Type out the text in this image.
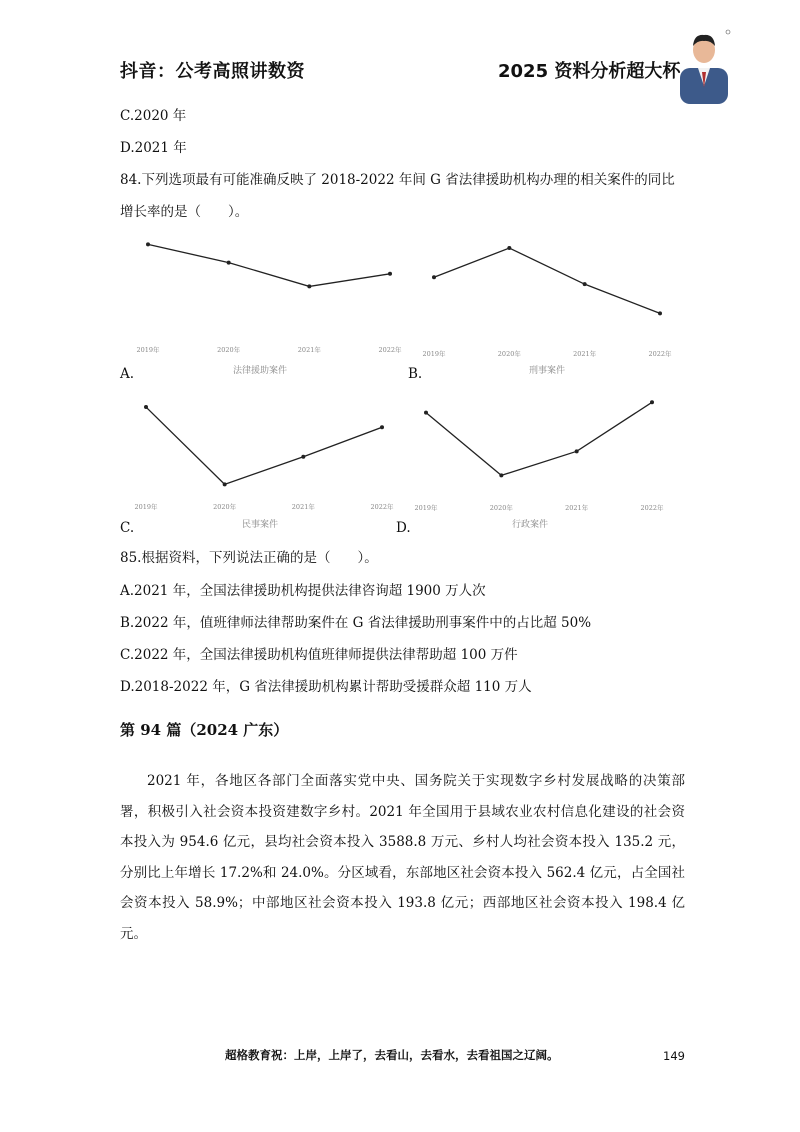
抖音：公考高照讲数资	2025 资料分析超大杯
C.2020 年
D.2021 年
84.下列选项最有可能准确反映了 2018-2022 年间 G 省法律援助机构办理的相关案件的同比
增长率的是（　　）。
2019年	2020年	2021年	2022年
法律援助案件
2019年	2020年	2021年	2022年
刑事案件
2019年	2020年	2021年	2022年
民事案件
2019年	2020年	2021年	2022年
行政案件
A.	B.
C.	D.
85.根据资料，下列说法正确的是（　　）。
A.2021 年，全国法律援助机构提供法律咨询超 1900 万人次
B.2022 年，值班律师法律帮助案件在 G 省法律援助刑事案件中的占比超 50%
C.2022 年，全国法律援助机构值班律师提供法律帮助超 100 万件
D.2018-2022 年，G 省法律援助机构累计帮助受援群众超 110 万人
第 94 篇（2024 广东）

2021 年，各地区各部门全面落实党中央、国务院关于实现数字乡村发展战略的决策部署，积极引入社会资本投资建数字乡村。2021 年全国用于县域农业农村信息化建设的社会资本投入为 954.6 亿元，县均社会资本投入 3588.8 万元、乡村人均社会资本投入 135.2 元，分别比上年增长 17.2%和 24.0%。分区域看，东部地区社会资本投入 562.4 亿元，占全国社会资本投入 58.9%；中部地区社会资本投入 193.8 亿元；西部地区社会资本投入 198.4 亿元。

超格教育祝：上岸，上岸了，去看山，去看水，去看祖国之辽阔。	149
